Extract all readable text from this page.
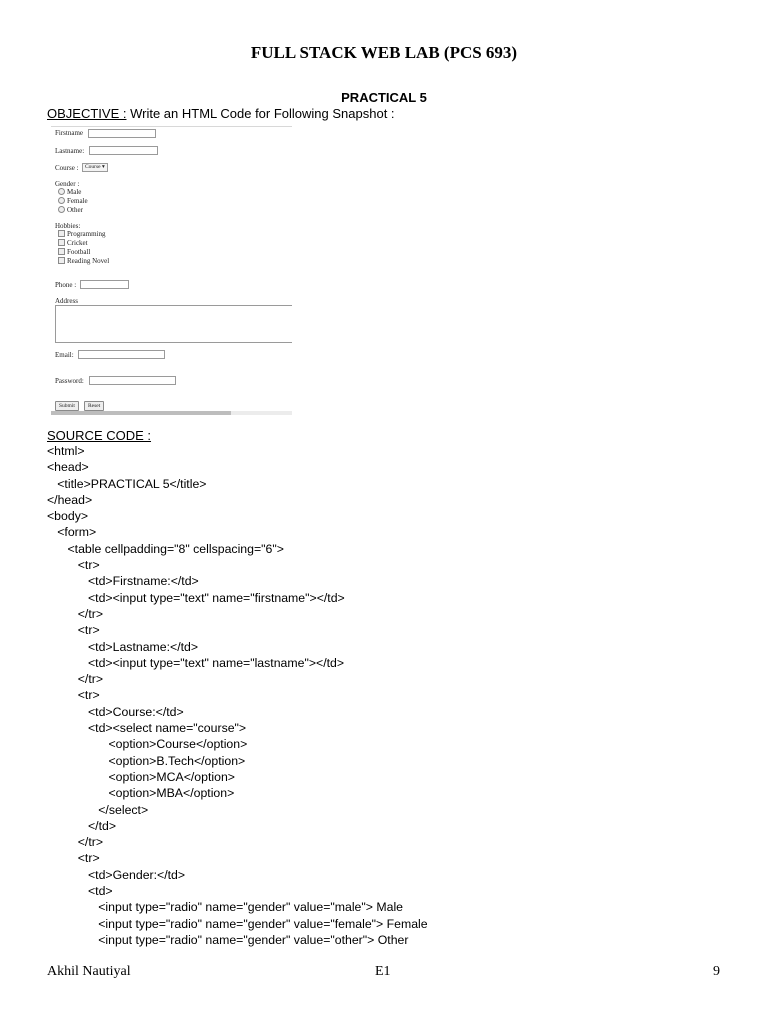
FULL STACK WEB LAB (PCS 693)
PRACTICAL 5
OBJECTIVE : Write an HTML Code for Following Snapshot :
Firstname
Lastname:
Course :	Course ▾
Gender :
Male
Female
Other
Hobbies:
Programming
Cricket
Football
Reading Novel
Phone :
Address
Email:
Password:
Submit	Reset
SOURCE CODE :
<html>
<head>
<title>PRACTICAL 5</title>
</head>
<body>
<form>
<table cellpadding="8" cellspacing="6">
<tr>
<td>Firstname:</td>
<td><input type="text" name="firstname"></td>
</tr>
<tr>
<td>Lastname:</td>
<td><input type="text" name="lastname"></td>
</tr>
<tr>
<td>Course:</td>
<td><select name="course">
<option>Course</option>
<option>B.Tech</option>
<option>MCA</option>
<option>MBA</option>
</select>
</td>
</tr>
<tr>
<td>Gender:</td>
<td>
<input type="radio" name="gender" value="male"> Male
<input type="radio" name="gender" value="female"> Female
<input type="radio" name="gender" value="other"> Other
Akhil Nautiyal	E1	9
